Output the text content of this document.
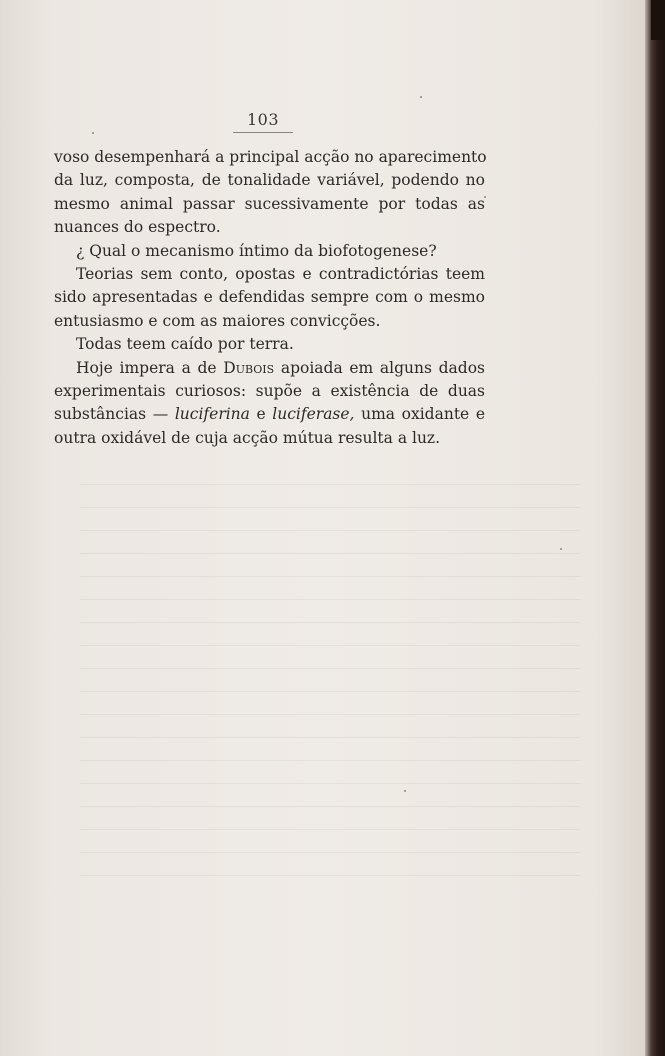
103
voso desempenhará a principal acção no aparecimento
da luz, composta, de tonalidade variável, podendo no
mesmo animal passar sucessivamente por todas as
nuances do espectro.
¿ Qual o mecanismo íntimo da biofotogenese?
Teorias sem conto, opostas e contradictórias teem
sido apresentadas e defendidas sempre com o mesmo
entusiasmo e com as maiores convicções.
Todas teem caído por terra.
Hoje impera a de Dubois apoiada em alguns dados
experimentais curiosos: supõe a existência de duas
substâncias — luciferina e luciferase, uma oxidante e
outra oxidável de cuja acção mútua resulta a luz.
